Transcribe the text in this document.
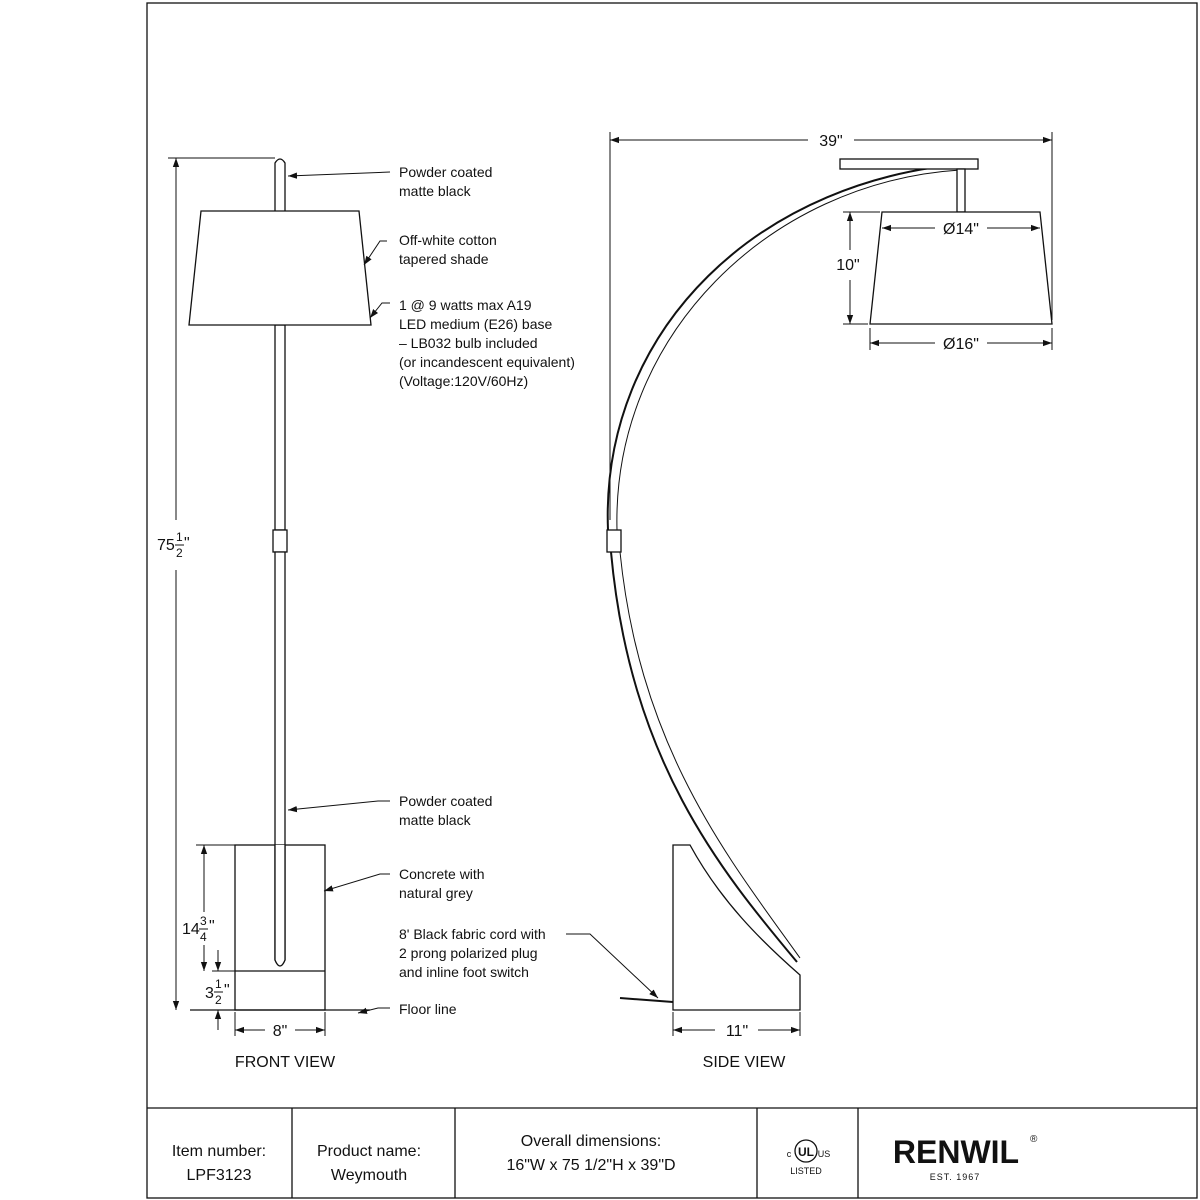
75 1
2
"
14 3
4
"
3
1
2
"
8"
Powder coated
matte black
Off-white cotton
tapered shade
1 @ 9 watts max A19
LED medium (E26) base
– LB032 bulb included
(or incandescent equivalent)
(Voltage:120V/60Hz)
Powder coated
matte black
Concrete with
natural grey
8' Black fabric cord with
2 prong polarized plug
and inline foot switch
Floor line
FRONT VIEW
39"
Ø14"
10"
Ø16"
11"
SIDE VIEW
Item number:
LPF3123
Product name:
Weymouth
Overall dimensions:
16"W x 75 1/2"H x 39"D
UL
c	US
LISTED
RENWIL ®
EST. 1967
